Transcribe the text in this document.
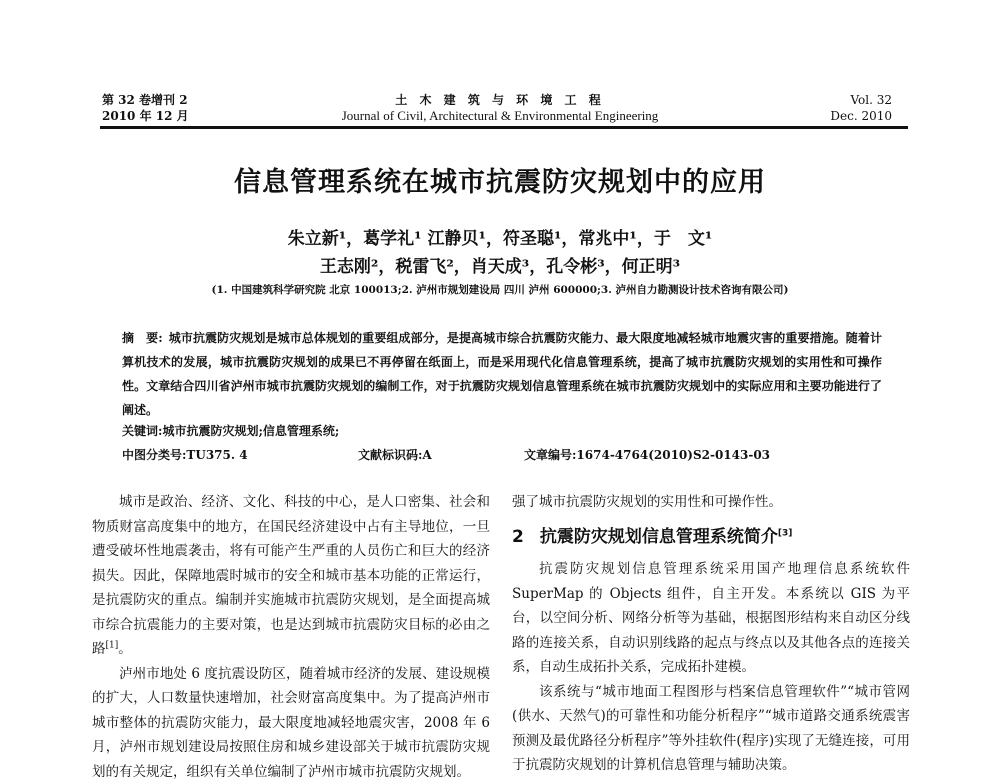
第 32 卷增刊 2
2010 年 12 月
土 木 建 筑 与 环 境 工 程
Journal of Civil, Architectural & Environmental Engineering
Vol. 32
Dec. 2010
信息管理系统在城市抗震防灾规划中的应用
朱立新¹，葛学礼¹ 江静贝¹，符圣聪¹，常兆中¹，于　文¹
王志刚²，税雷飞²，肖天成³，孔令彬³，何正明³
(1. 中国建筑科学研究院 北京 100013;2. 泸州市规划建设局 四川 泸州 600000;3. 泸州自力勘测设计技术咨询有限公司)
摘　要: 城市抗震防灾规划是城市总体规划的重要组成部分，是提高城市综合抗震防灾能力、最大限度地减轻城市地震灾害的重要措施。随着计算机技术的发展，城市抗震防灾规划的成果已不再停留在纸面上，而是采用现代化信息管理系统，提高了城市抗震防灾规划的实用性和可操作性。文章结合四川省泸州市城市抗震防灾规划的编制工作，对于抗震防灾规划信息管理系统在城市抗震防灾规划中的实际应用和主要功能进行了阐述。
关键词:城市抗震防灾规划;信息管理系统;
中图分类号:TU375. 4	文献标识码:A	文章编号:1674-4764(2010)S2-0143-03

城市是政治、经济、文化、科技的中心，是人口密集、社会和物质财富高度集中的地方，在国民经济建设中占有主导地位，一旦遭受破坏性地震袭击，将有可能产生严重的人员伤亡和巨大的经济损失。因此，保障地震时城市的安全和城市基本功能的正常运行，是抗震防灾的重点。编制并实施城市抗震防灾规划，是全面提高城市综合抗震能力的主要对策，也是达到城市抗震防灾目标的必由之路[1]。

泸州市地处 6 度抗震设防区，随着城市经济的发展、建设规模的扩大，人口数量快速增加，社会财富高度集中。为了提高泸州市城市整体的抗震防灾能力，最大限度地减轻地震灾害，2008 年 6 月，泸州市规划建设局按照住房和城乡建设部关于城市抗震防灾规划的有关规定，组织有关单位编制了泸州市城市抗震防灾规划。

强了城市抗震防灾规划的实用性和可操作性。

2 抗震防灾规划信息管理系统简介[3]

抗震防灾规划信息管理系统采用国产地理信息系统软件 SuperMap 的 Objects 组件，自主开发。本系统以 GIS 为平台，以空间分析、网络分析等为基础，根据图形结构来自动区分线路的连接关系，自动识别线路的起点与终点以及其他各点的连接关系，自动生成拓扑关系，完成拓扑建模。

该系统与“城市地面工程图形与档案信息管理软件”“城市管网(供水、天然气)的可靠性和功能分析程序”“城市道路交通系统震害预测及最优路径分析程序”等外挂软件(程序)实现了无缝连接，可用于抗震防灾规划的计算机信息管理与辅助决策。
